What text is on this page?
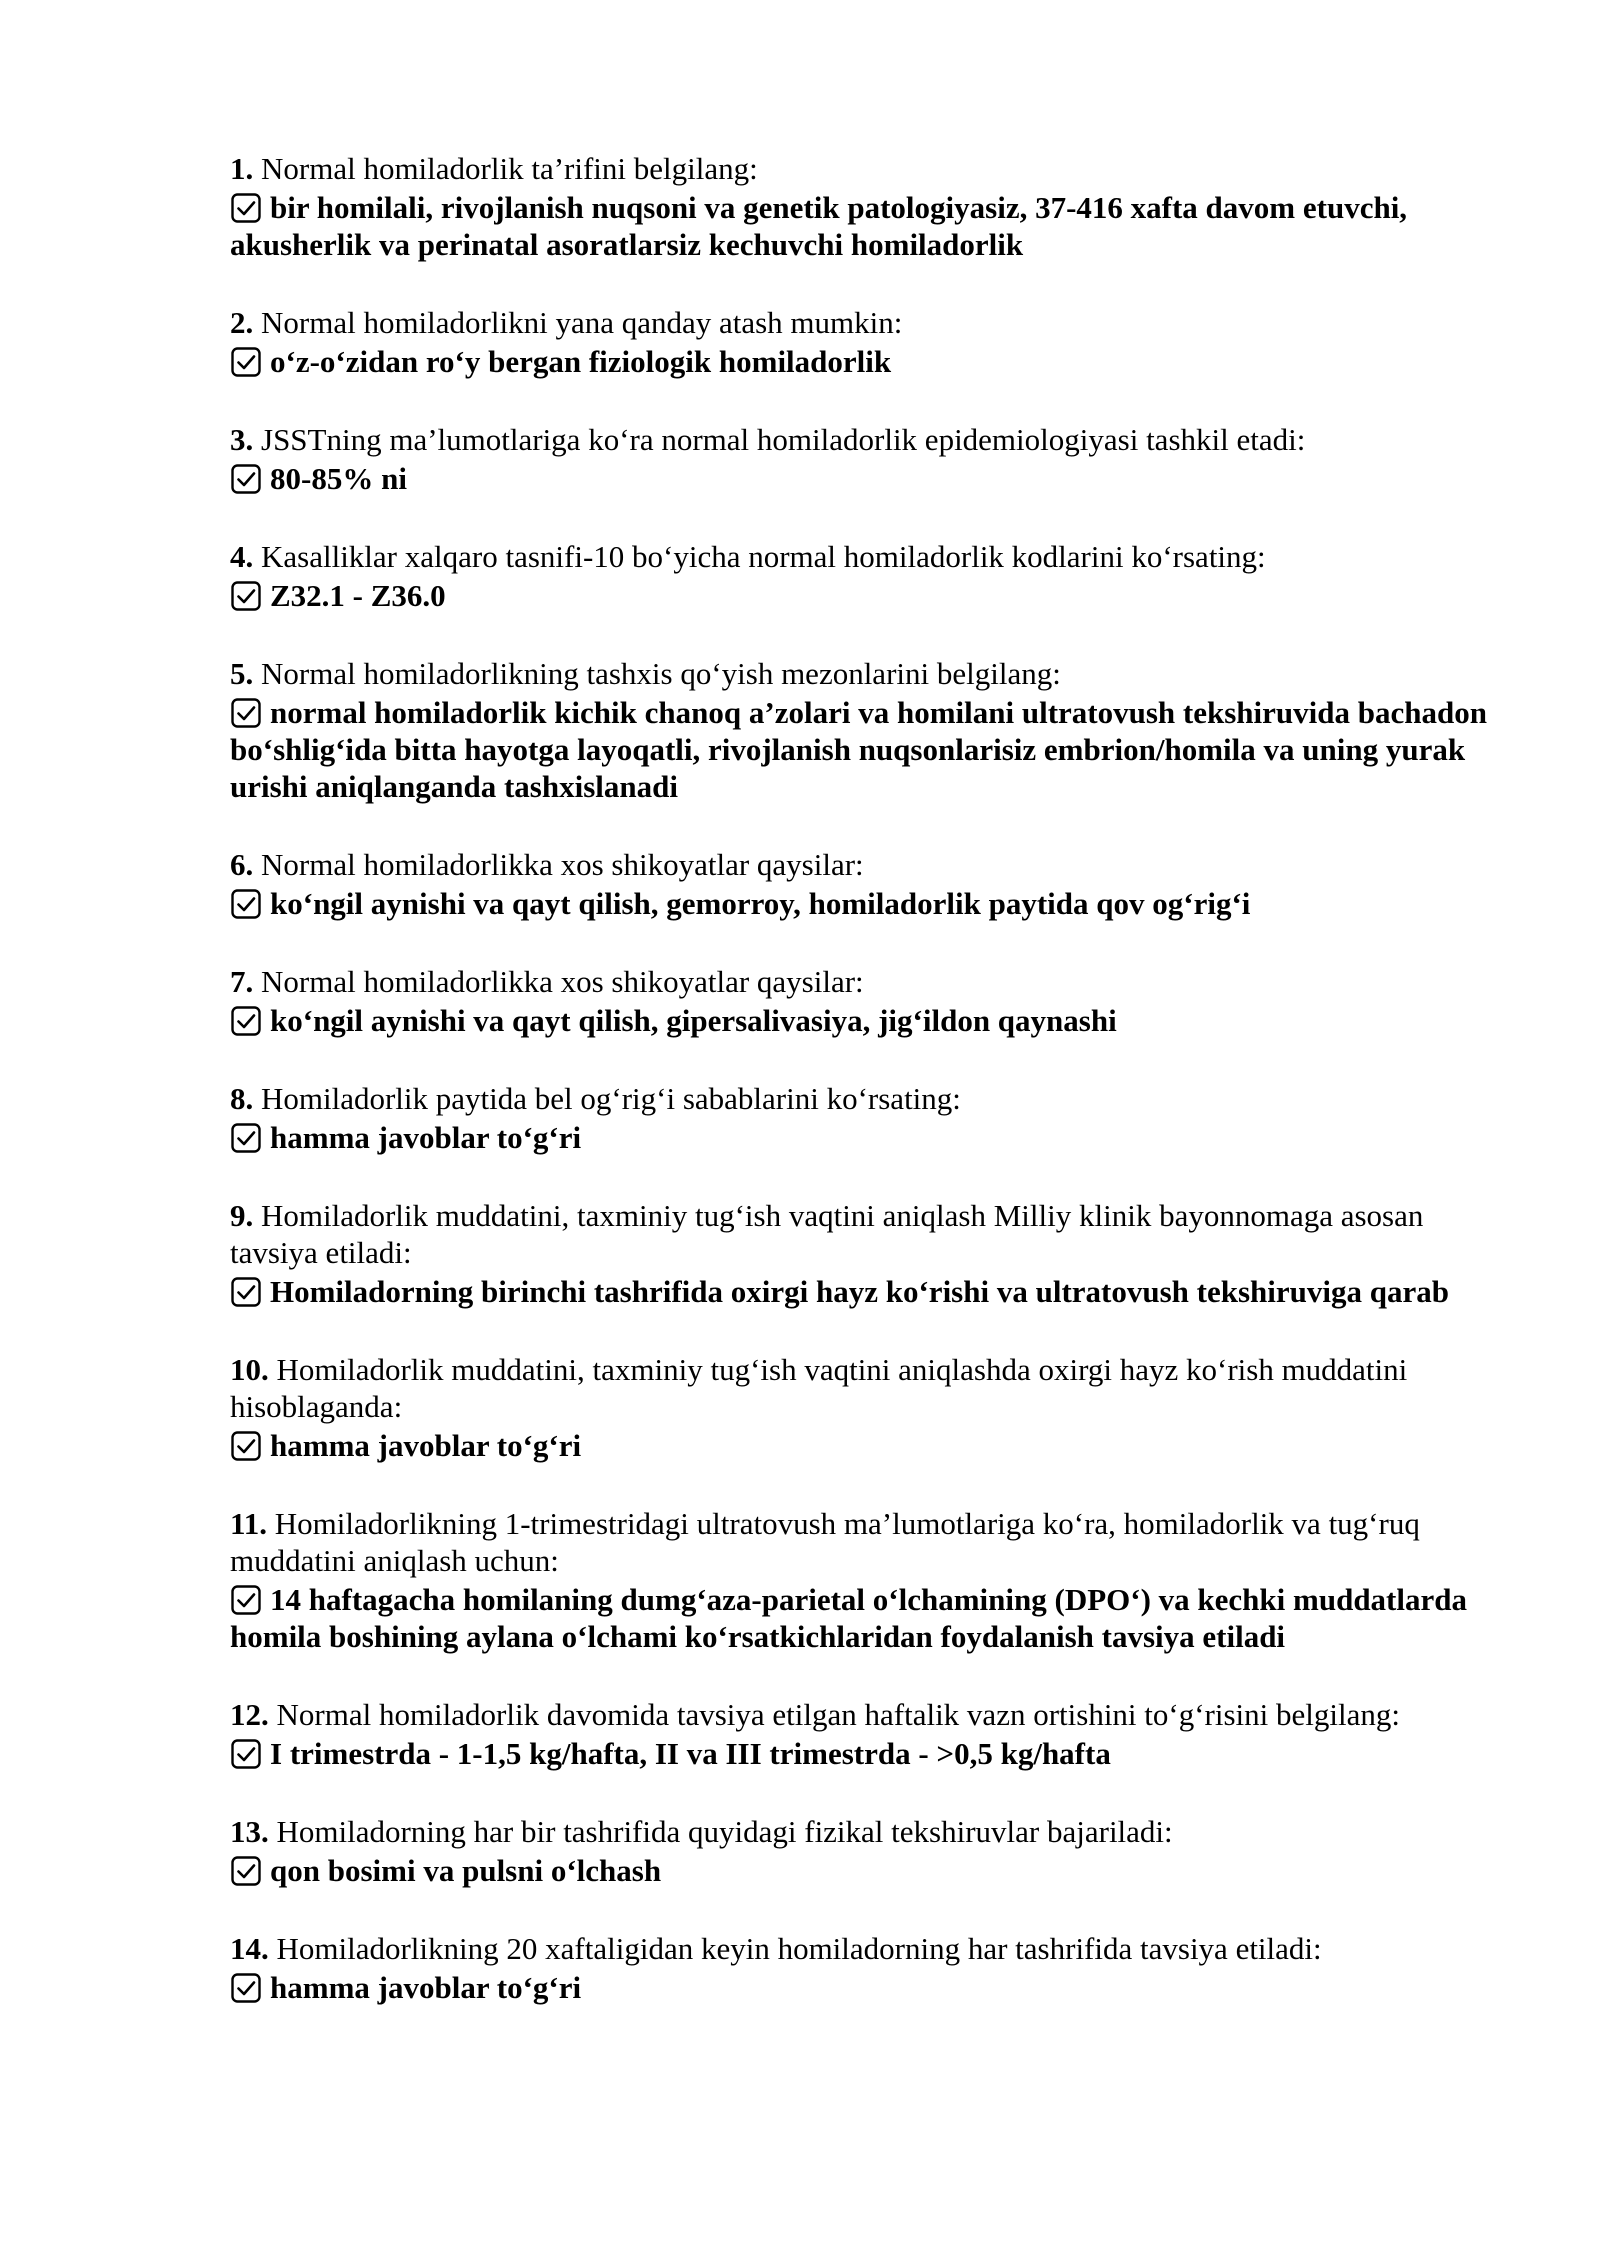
1. Normal homiladorlik ta’rifini belgilang:

bir homilali, rivojlanish nuqsoni va genetik patologiyasiz, 37-416 xafta davom etuvchi, akusherlik va perinatal asoratlarsiz kechuvchi homiladorlik

2. Normal homiladorlikni yana qanday atash mumkin:

o‘z-o‘zidan ro‘y bergan fiziologik homiladorlik

3. JSSTning ma’lumotlariga ko‘ra normal homiladorlik epidemiologiyasi tashkil etadi:

80-85% ni

4. Kasalliklar xalqaro tasnifi-10 bo‘yicha normal homiladorlik kodlarini ko‘rsating:

Z32.1 - Z36.0

5. Normal homiladorlikning tashxis qo‘yish mezonlarini belgilang:

normal homiladorlik kichik chanoq a’zolari va homilani ultratovush tekshiruvida bachadon bo‘shlig‘ida bitta hayotga layoqatli, rivojlanish nuqsonlarisiz embrion/homila va uning yurak urishi aniqlanganda tashxislanadi

6. Normal homiladorlikka xos shikoyatlar qaysilar:

ko‘ngil aynishi va qayt qilish, gemorroy, homiladorlik paytida qov og‘rig‘i

7. Normal homiladorlikka xos shikoyatlar qaysilar:

ko‘ngil aynishi va qayt qilish, gipersalivasiya, jig‘ildon qaynashi

8. Homiladorlik paytida bel og‘rig‘i sabablarini ko‘rsating:

hamma javoblar to‘g‘ri

9. Homiladorlik muddatini, taxminiy tug‘ish vaqtini aniqlash Milliy klinik bayonnomaga asosan tavsiya etiladi:

Homiladorning birinchi tashrifida oxirgi hayz ko‘rishi va ultratovush tekshiruviga qarab

10. Homiladorlik muddatini, taxminiy tug‘ish vaqtini aniqlashda oxirgi hayz ko‘rish muddatini hisoblaganda:

hamma javoblar to‘g‘ri

11. Homiladorlikning 1-trimestridagi ultratovush ma’lumotlariga ko‘ra, homiladorlik va tug‘ruq muddatini aniqlash uchun:

14 haftagacha homilaning dumg‘aza-parietal o‘lchamining (DPO‘) va kechki muddatlarda homila boshining aylana o‘lchami ko‘rsatkichlaridan foydalanish tavsiya etiladi

12. Normal homiladorlik davomida tavsiya etilgan haftalik vazn ortishini to‘g‘risini belgilang:

I trimestrda - 1-1,5 kg/hafta, II va III trimestrda - >0,5 kg/hafta

13. Homiladorning har bir tashrifida quyidagi fizikal tekshiruvlar bajariladi:

qon bosimi va pulsni o‘lchash

14. Homiladorlikning 20 xaftaligidan keyin homiladorning har tashrifida tavsiya etiladi:

hamma javoblar to‘g‘ri
